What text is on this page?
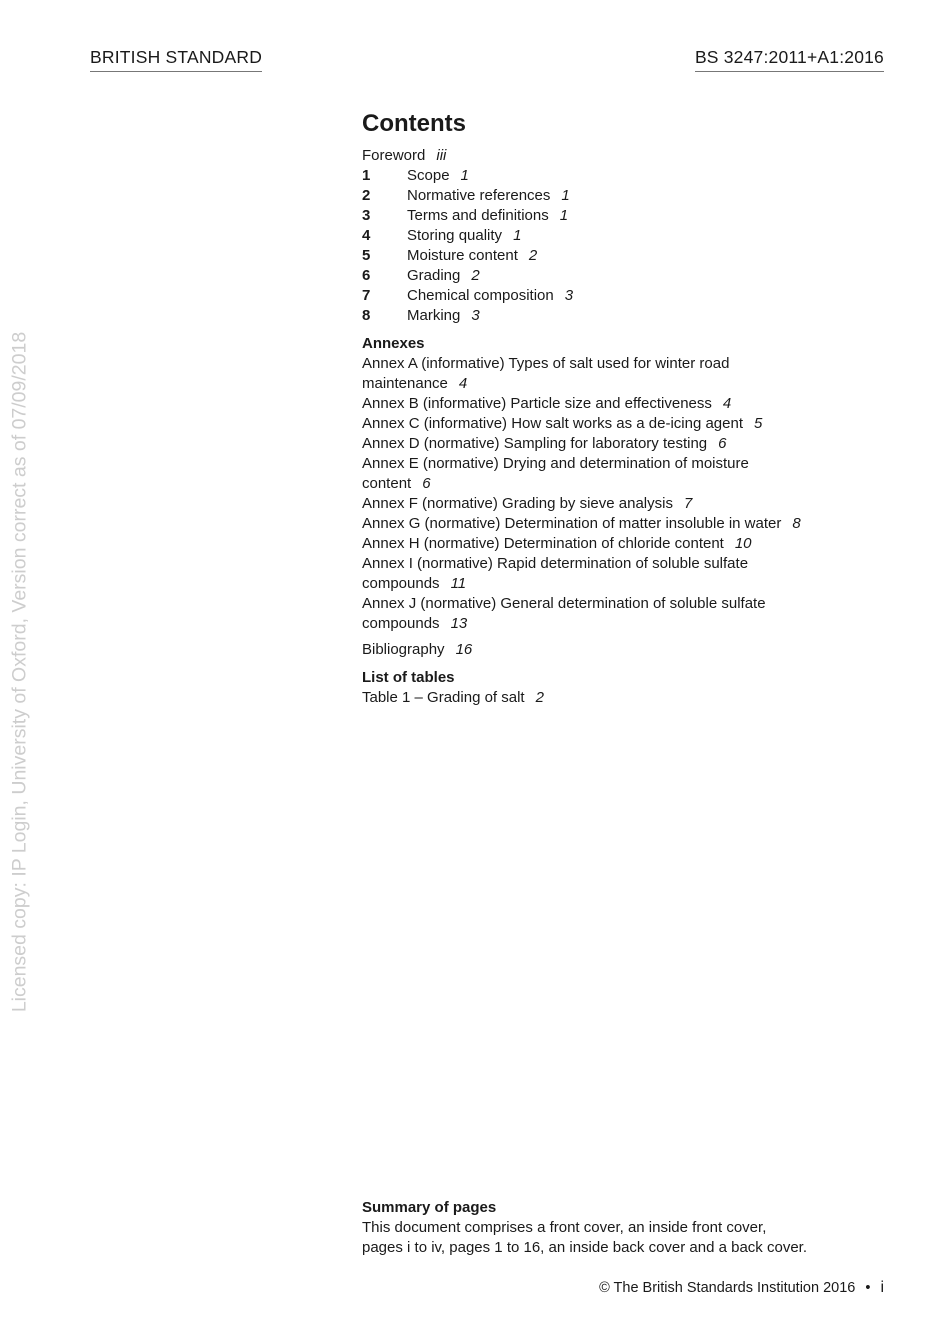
BRITISH STANDARD	BS 3247:2011+A1:2016
Licensed copy: IP Login, University of Oxford, Version correct as of 07/09/2018
Contents
Foreword iii
1 Scope 1
2 Normative references 1
3 Terms and definitions 1
4 Storing quality 1
5 Moisture content 2
6 Grading 2
7 Chemical composition 3
8 Marking 3
Annexes
Annex A (informative) Types of salt used for winter road
maintenance 4
Annex B (informative) Particle size and effectiveness 4
Annex C (informative) How salt works as a de-icing agent 5
Annex D (normative) Sampling for laboratory testing 6
Annex E (normative) Drying and determination of moisture
content 6
Annex F (normative) Grading by sieve analysis 7
Annex G (normative) Determination of matter insoluble in water 8
Annex H (normative) Determination of chloride content 10
Annex I (normative) Rapid determination of soluble sulfate
compounds 11
Annex J (normative) General determination of soluble sulfate
compounds 13
Bibliography 16
List of tables
Table 1 – Grading of salt 2
Summary of pages
This document comprises a front cover, an inside front cover,
pages i to iv, pages 1 to 16, an inside back cover and a back cover.
© The British Standards Institution 2016 • i
